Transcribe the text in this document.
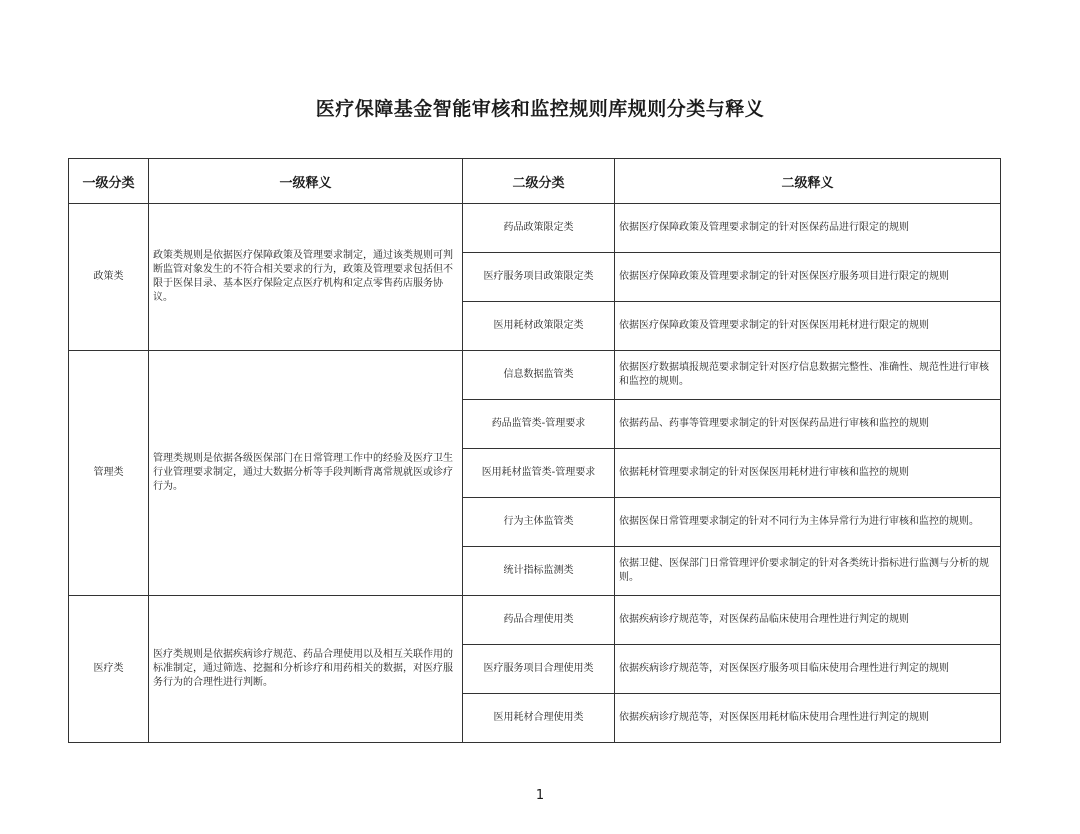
医疗保障基金智能审核和监控规则库规则分类与释义
一级分类	一级释义	二级分类	二级释义
政策类	政策类规则是依据医疗保障政策及管理要求制定，通过该类规则可判断监管对象发生的不符合相关要求的行为，政策及管理要求包括但不限于医保目录、基本医疗保险定点医疗机构和定点零售药店服务协议。	药品政策限定类	依据医疗保障政策及管理要求制定的针对医保药品进行限定的规则
		医疗服务项目政策限定类	依据医疗保障政策及管理要求制定的针对医保医疗服务项目进行限定的规则
		医用耗材政策限定类	依据医疗保障政策及管理要求制定的针对医保医用耗材进行限定的规则
管理类	管理类规则是依据各级医保部门在日常管理工作中的经验及医疗卫生行业管理要求制定，通过大数据分析等手段判断背离常规就医或诊疗行为。	信息数据监管类	依据医疗数据填报规范要求制定针对医疗信息数据完整性、准确性、规范性进行审核和监控的规则。
		药品监管类-管理要求	依据药品、药事等管理要求制定的针对医保药品进行审核和监控的规则
		医用耗材监管类-管理要求	依据耗材管理要求制定的针对医保医用耗材进行审核和监控的规则
		行为主体监管类	依据医保日常管理要求制定的针对不同行为主体异常行为进行审核和监控的规则。
		统计指标监测类	依据卫健、医保部门日常管理评价要求制定的针对各类统计指标进行监测与分析的规则。
医疗类	医疗类规则是依据疾病诊疗规范、药品合理使用以及相互关联作用的标准制定，通过筛选、挖掘和分析诊疗和用药相关的数据，对医疗服务行为的合理性进行判断。	药品合理使用类	依据疾病诊疗规范等，对医保药品临床使用合理性进行判定的规则
		医疗服务项目合理使用类	依据疾病诊疗规范等，对医保医疗服务项目临床使用合理性进行判定的规则
		医用耗材合理使用类	依据疾病诊疗规范等，对医保医用耗材临床使用合理性进行判定的规则
1
